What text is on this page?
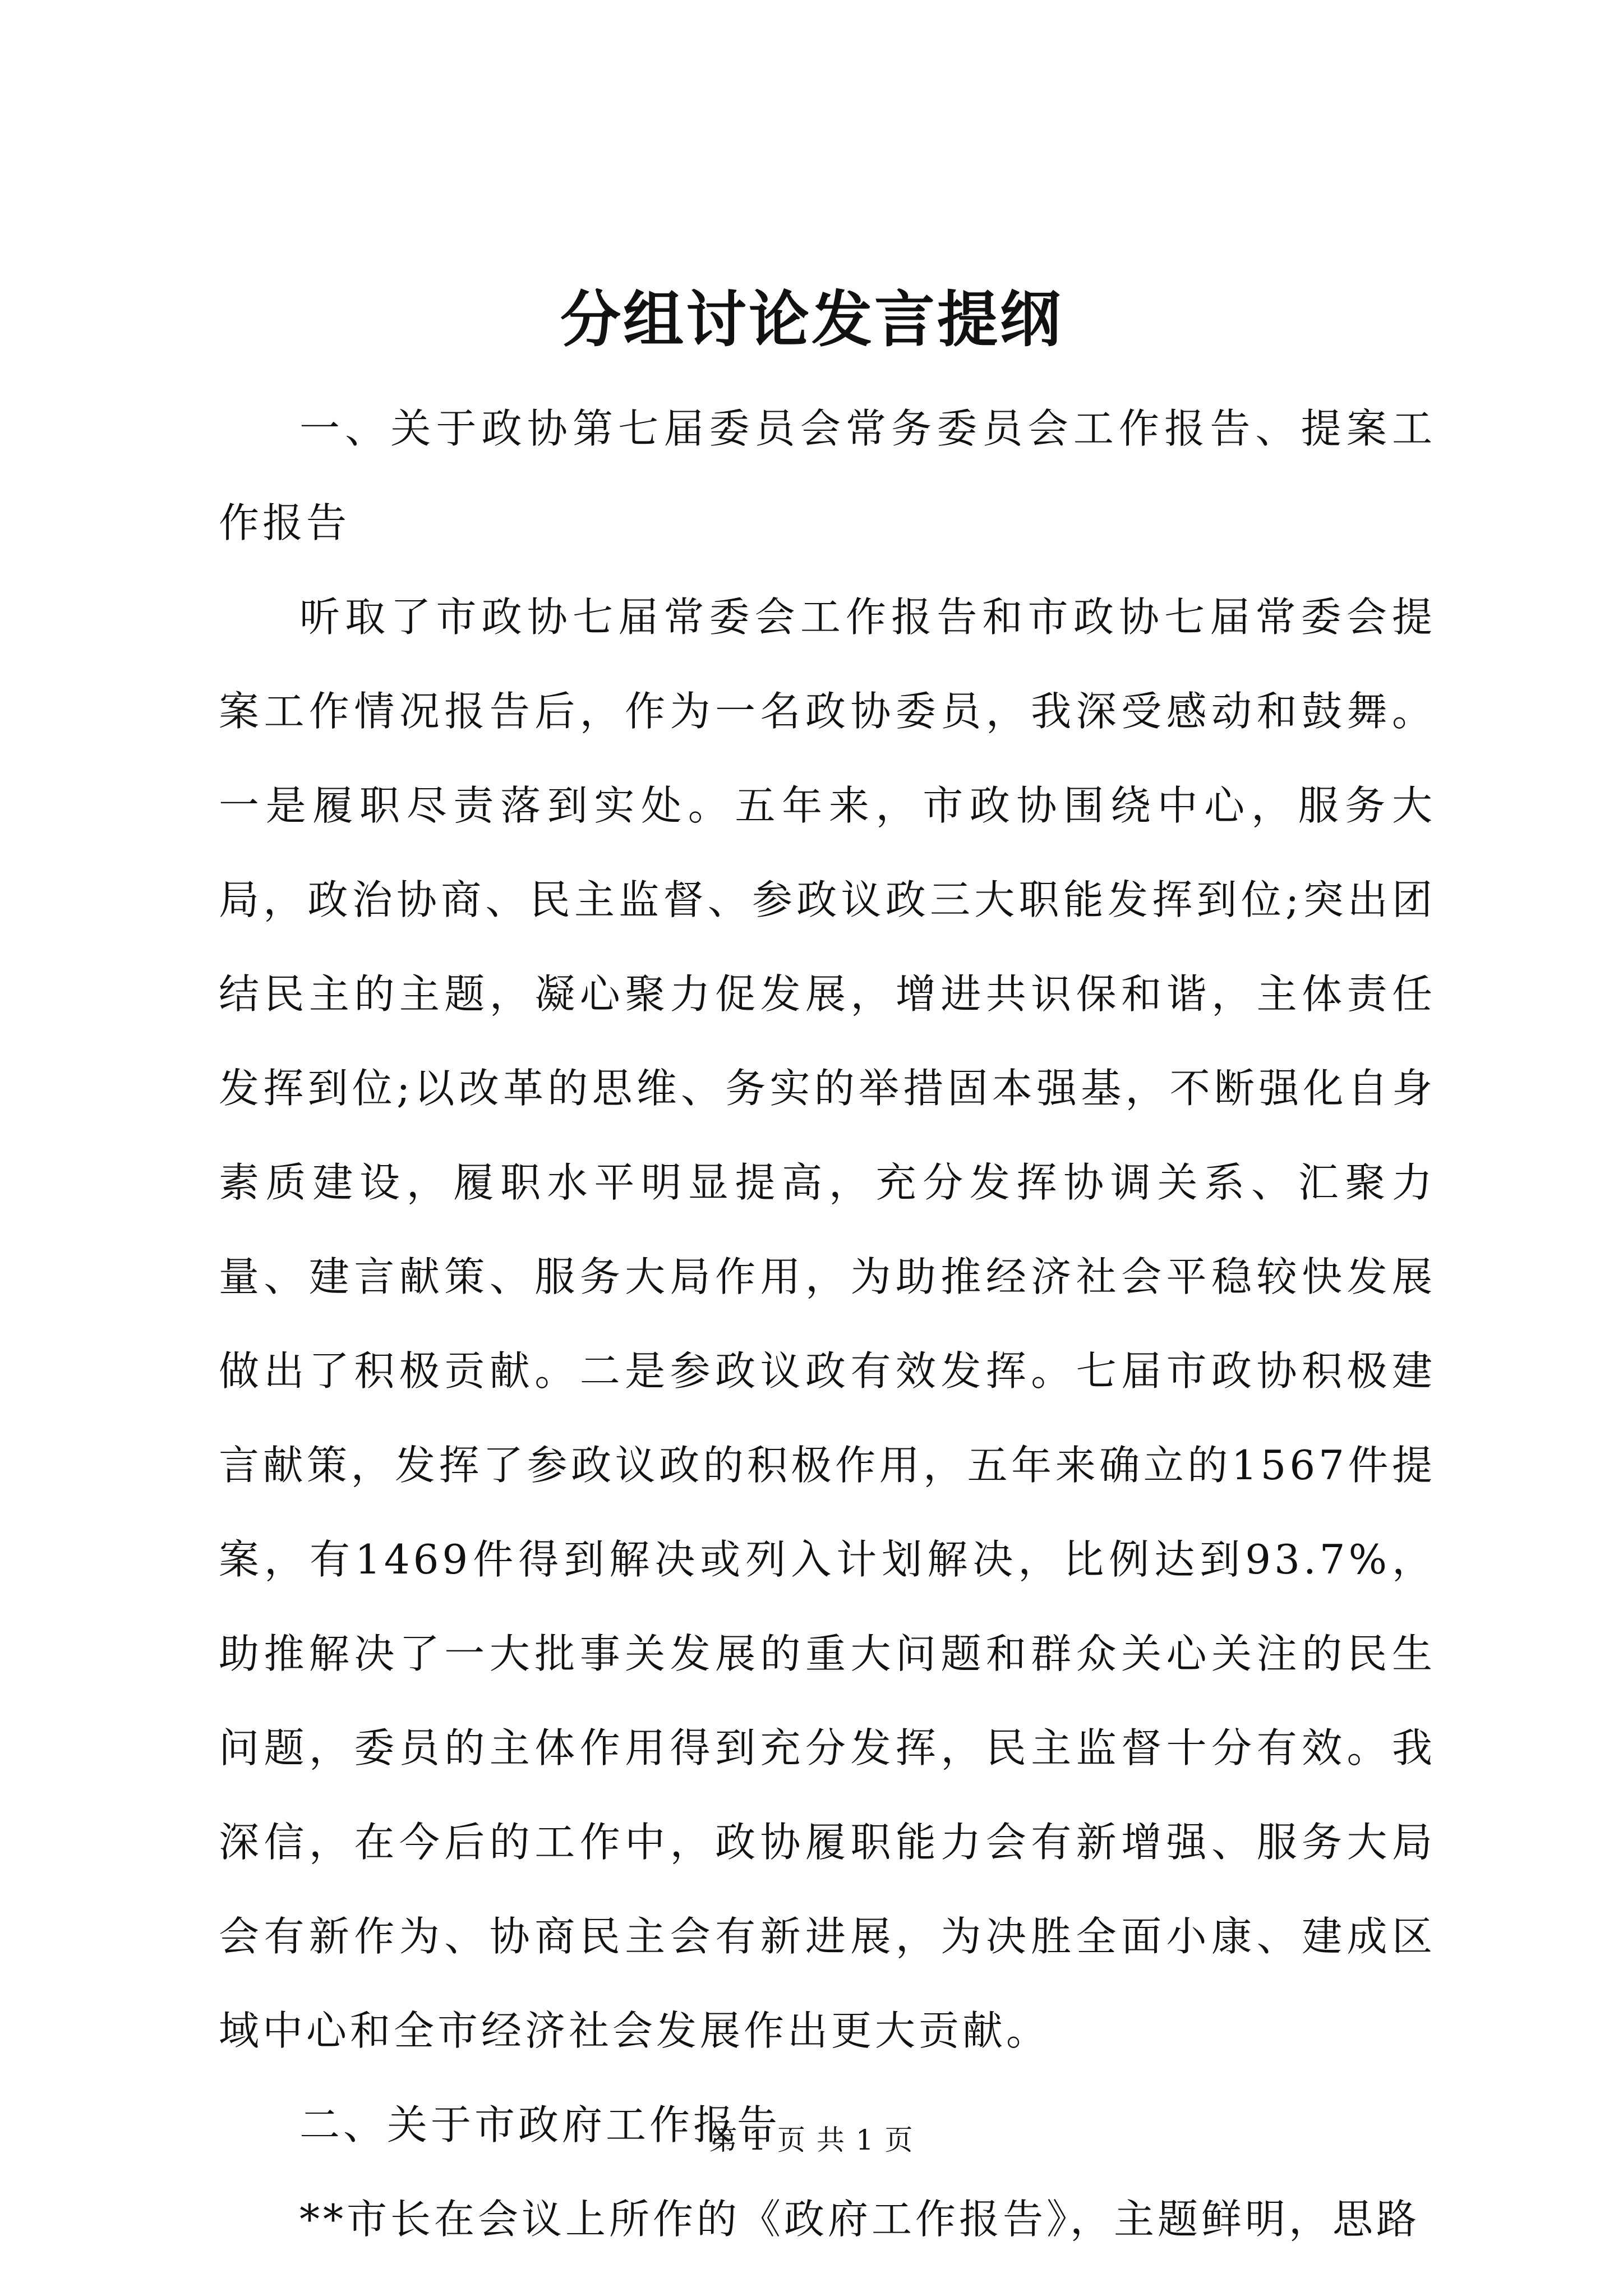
分组讨论发言提纲

一、关于政协第七届委员会常务委员会工作报告、提案工作报告

听取了市政协七届常委会工作报告和市政协七届常委会提案工作情况报告后，作为一名政协委员，我深受感动和鼓舞。一是履职尽责落到实处。五年来，市政协围绕中心，服务大局，政治协商、民主监督、参政议政三大职能发挥到位;突出团结民主的主题，凝心聚力促发展，增进共识保和谐，主体责任发挥到位;以改革的思维、务实的举措固本强基，不断强化自身素质建设，履职水平明显提高，充分发挥协调关系、汇聚力量、建言献策、服务大局作用，为助推经济社会平稳较快发展做出了积极贡献。二是参政议政有效发挥。七届市政协积极建言献策，发挥了参政议政的积极作用，五年来确立的1567件提案，有1469件得到解决或列入计划解决，比例达到93.7%，助推解决了一大批事关发展的重大问题和群众关心关注的民生问题，委员的主体作用得到充分发挥，民主监督十分有效。我深信，在今后的工作中，政协履职能力会有新增强、服务大局会有新作为、协商民主会有新进展，为决胜全面小康、建成区域中心和全市经济社会发展作出更大贡献。

二、关于市政府工作报告

**市长在会议上所作的《政府工作报告》，主题鲜明，思路

第 1 页 共 1 页
